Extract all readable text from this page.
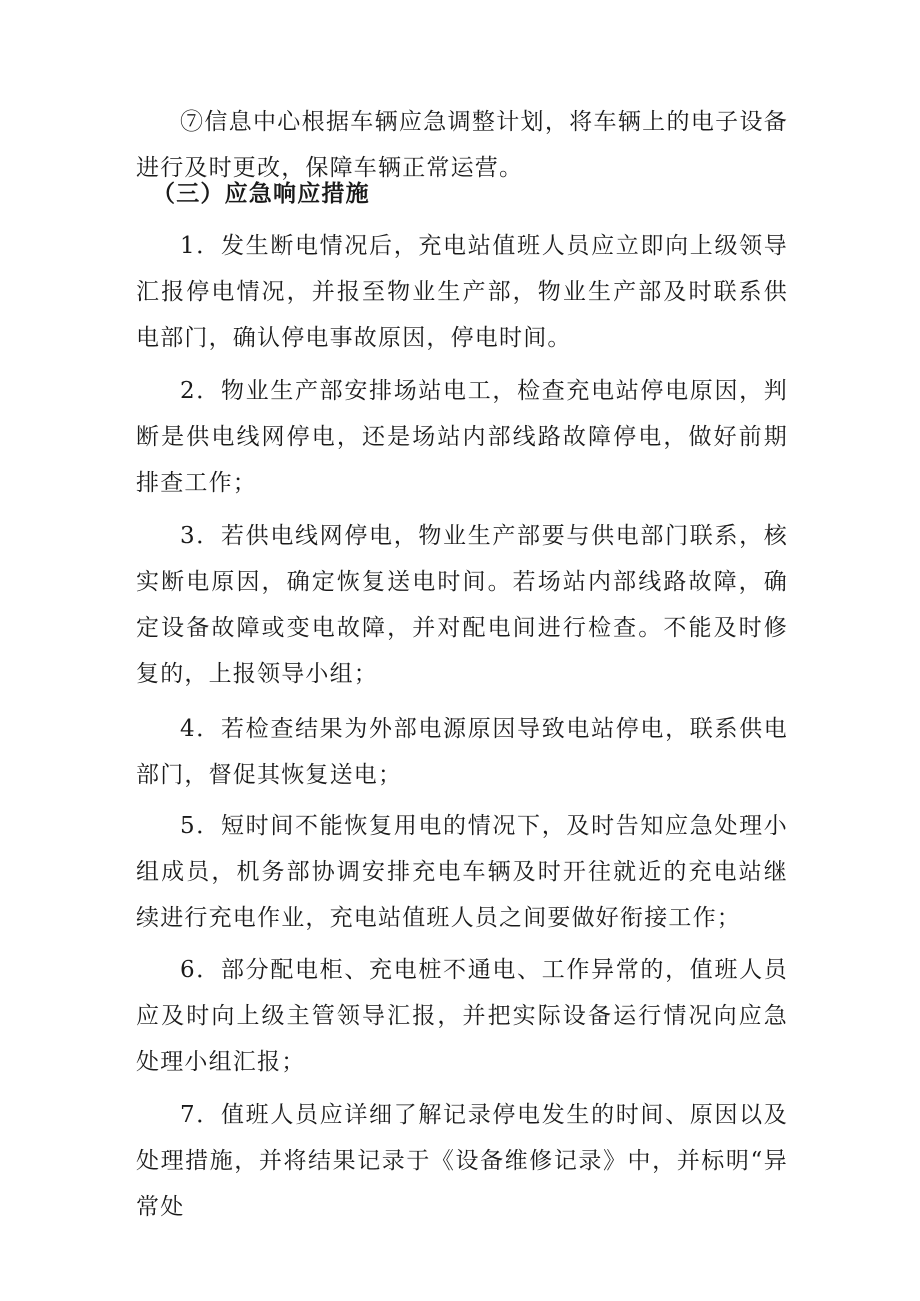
⑦信息中心根据车辆应急调整计划，将车辆上的电子设备进行及时更改，保障车辆正常运营。

（三）应急响应措施

1．发生断电情况后，充电站值班人员应立即向上级领导汇报停电情况，并报至物业生产部，物业生产部及时联系供电部门，确认停电事故原因，停电时间。

2．物业生产部安排场站电工，检查充电站停电原因，判断是供电线网停电，还是场站内部线路故障停电，做好前期排查工作；

3．若供电线网停电，物业生产部要与供电部门联系，核实断电原因，确定恢复送电时间。若场站内部线路故障，确定设备故障或变电故障，并对配电间进行检查。不能及时修复的，上报领导小组；

4．若检查结果为外部电源原因导致电站停电，联系供电部门，督促其恢复送电；

5．短时间不能恢复用电的情况下，及时告知应急处理小组成员，机务部协调安排充电车辆及时开往就近的充电站继续进行充电作业，充电站值班人员之间要做好衔接工作；

6．部分配电柜、充电桩不通电、工作异常的，值班人员应及时向上级主管领导汇报，并把实际设备运行情况向应急处理小组汇报；

7．值班人员应详细了解记录停电发生的时间、原因以及处理措施，并将结果记录于《设备维修记录》中，并标明“异常处
